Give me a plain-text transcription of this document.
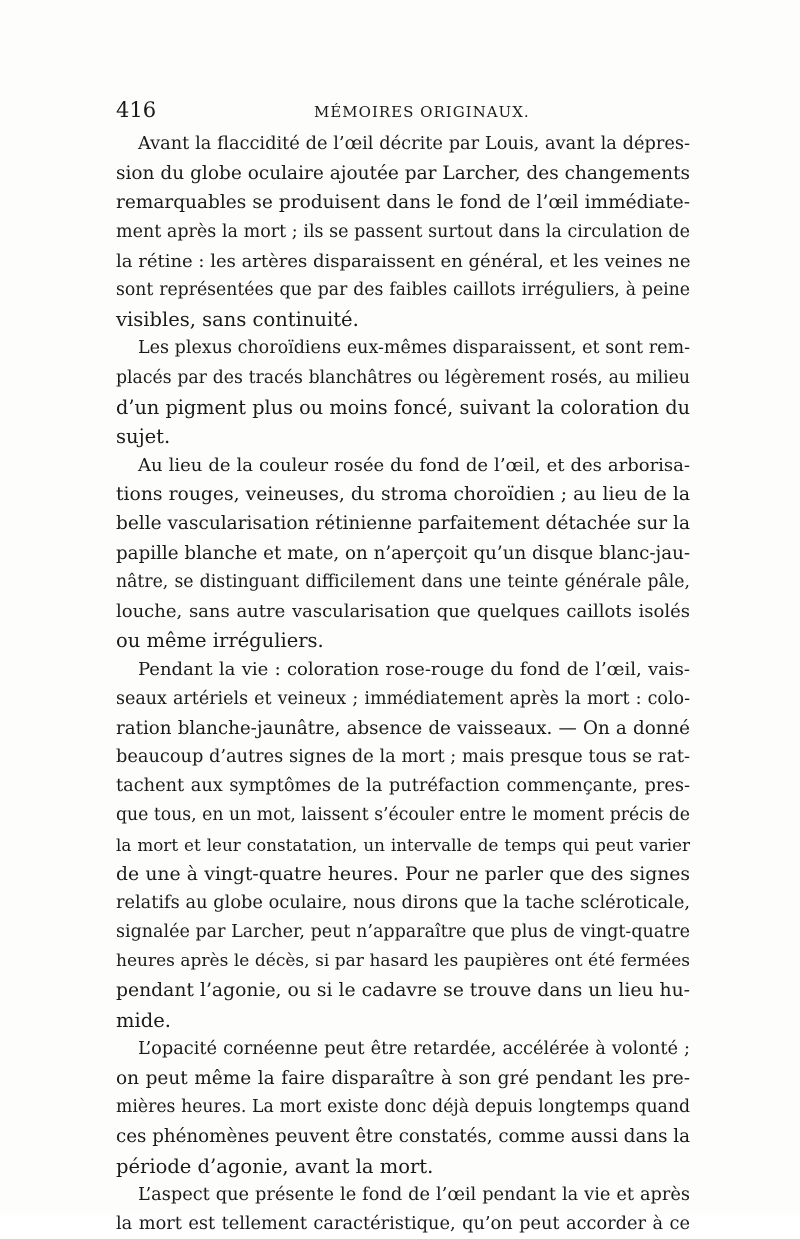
416	MÉMOIRES ORIGINAUX.
Avant la flaccidité de l’œil décrite par Louis, avant la dépres-
sion du globe oculaire ajoutée par Larcher, des changements
remarquables se produisent dans le fond de l’œil immédiate-
ment après la mort ; ils se passent surtout dans la circulation de
la rétine : les artères disparaissent en général, et les veines ne
sont représentées que par des faibles caillots irréguliers, à peine
visibles, sans continuité.
Les plexus choroïdiens eux-mêmes disparaissent, et sont rem-
placés par des tracés blanchâtres ou légèrement rosés, au milieu
d’un pigment plus ou moins foncé, suivant la coloration du
sujet.
Au lieu de la couleur rosée du fond de l’œil, et des arborisa-
tions rouges, veineuses, du stroma choroïdien ; au lieu de la
belle vascularisation rétinienne parfaitement détachée sur la
papille blanche et mate, on n’aperçoit qu’un disque blanc-jau-
nâtre, se distinguant difficilement dans une teinte générale pâle,
louche, sans autre vascularisation que quelques caillots isolés
ou même irréguliers.
Pendant la vie : coloration rose-rouge du fond de l’œil, vais-
seaux artériels et veineux ; immédiatement après la mort : colo-
ration blanche-jaunâtre, absence de vaisseaux. — On a donné
beaucoup d’autres signes de la mort ; mais presque tous se rat-
tachent aux symptômes de la putréfaction commençante, pres-
que tous, en un mot, laissent s’écouler entre le moment précis de
la mort et leur constatation, un intervalle de temps qui peut varier
de une à vingt-quatre heures. Pour ne parler que des signes
relatifs au globe oculaire, nous dirons que la tache scléroticale,
signalée par Larcher, peut n’apparaître que plus de vingt-quatre
heures après le décès, si par hasard les paupières ont été fermées
pendant l’agonie, ou si le cadavre se trouve dans un lieu hu-
mide.
L’opacité cornéenne peut être retardée, accélérée à volonté ;
on peut même la faire disparaître à son gré pendant les pre-
mières heures. La mort existe donc déjà depuis longtemps quand
ces phénomènes peuvent être constatés, comme aussi dans la
période d’agonie, avant la mort.
L’aspect que présente le fond de l’œil pendant la vie et après
la mort est tellement caractéristique, qu’on peut accorder à ce
